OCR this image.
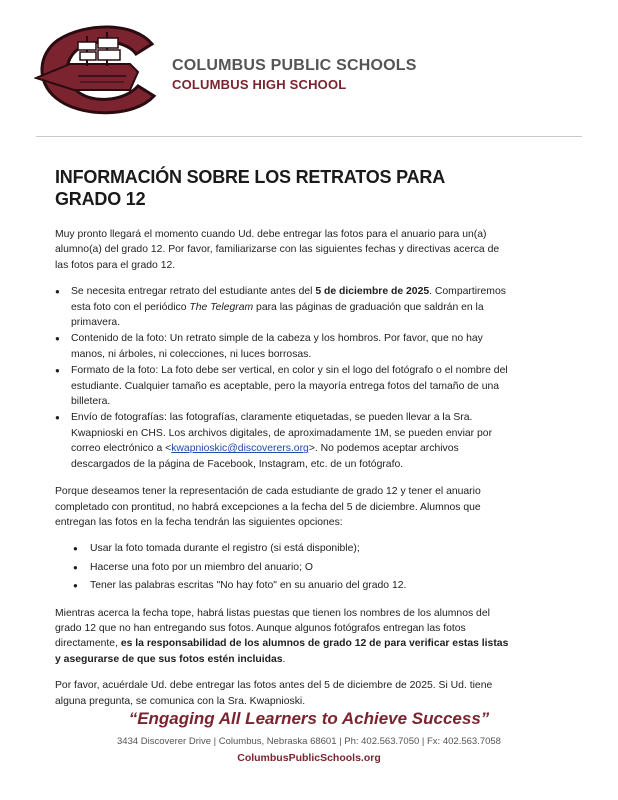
COLUMBUS PUBLIC SCHOOLS
COLUMBUS HIGH SCHOOL
INFORMACIÓN SOBRE LOS RETRATOS PARA GRADO 12

Muy pronto llegará el momento cuando Ud. debe entregar las fotos para el anuario para un(a) alumno(a) del grado 12. Por favor, familiarizarse con las siguientes fechas y directivas acerca de las fotos para el grado 12.

● Se necesita entregar retrato del estudiante antes del 5 de diciembre de 2025. Compartiremos esta foto con el periódico The Telegram para las páginas de graduación que saldrán en la primavera.
● Contenido de la foto: Un retrato simple de la cabeza y los hombros. Por favor, que no hay manos, ni árboles, ni colecciones, ni luces borrosas.
● Formato de la foto: La foto debe ser vertical, en color y sin el logo del fotógrafo o el nombre del estudiante. Cualquier tamaño es aceptable, pero la mayoría entrega fotos del tamaño de una billetera.
● Envío de fotografías: las fotografías, claramente etiquetadas, se pueden llevar a la Sra. Kwapnioski en CHS. Los archivos digitales, de aproximadamente 1M, se pueden enviar por correo electrónico a <kwapnioskic@discoverers.org>. No podemos aceptar archivos descargados de la página de Facebook, Instagram, etc. de un fotógrafo.

Porque deseamos tener la representación de cada estudiante de grado 12 y tener el anuario completado con prontitud, no habrá excepciones a la fecha del 5 de diciembre. Alumnos que entregan las fotos en la fecha tendrán las siguientes opciones:

● Usar la foto tomada durante el registro (si está disponible);
● Hacerse una foto por un miembro del anuario; O
● Tener las palabras escritas "No hay foto" en su anuario del grado 12.

Mientras acerca la fecha tope, habrá listas puestas que tienen los nombres de los alumnos del grado 12 que no han entregando sus fotos. Aunque algunos fotógrafos entregan las fotos directamente, es la responsabilidad de los alumnos de grado 12 de para verificar estas listas y asegurarse de que sus fotos estén incluidas.

Por favor, acuérdale Ud. debe entregar las fotos antes del 5 de diciembre de 2025. Si Ud. tiene alguna pregunta, se comunica con la Sra. Kwapnioski.

“Engaging All Learners to Achieve Success”
3434 Discoverer Drive | Columbus, Nebraska 68601 | Ph: 402.563.7050 | Fx: 402.563.7058
ColumbusPublicSchools.org
